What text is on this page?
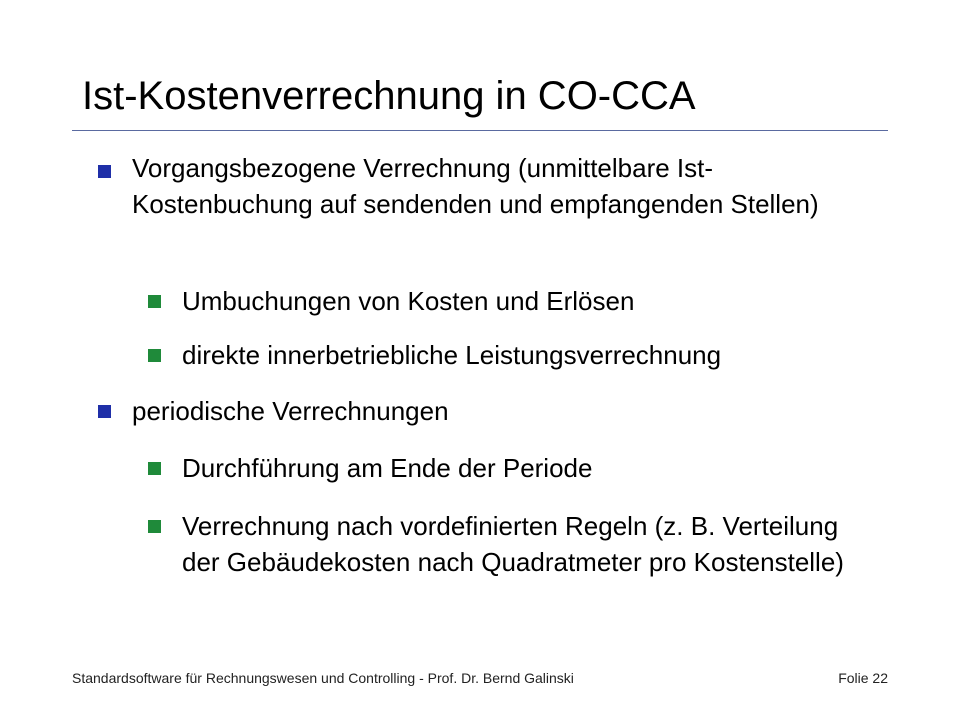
Ist-Kostenverrechnung in CO-CCA

Vorgangsbezogene Verrechnung (unmittelbare Ist-Kostenbuchung auf sendenden und empfangenden Stellen)

Umbuchungen von Kosten und Erlösen

direkte innerbetriebliche Leistungsverrechnung

periodische Verrechnungen

Durchführung am Ende der Periode

Verrechnung nach vordefinierten Regeln (z. B. Verteilung der Gebäudekosten nach Quadratmeter pro Kostenstelle)

Standardsoftware für Rechnungswesen und Controlling - Prof. Dr. Bernd Galinski	Folie 22
